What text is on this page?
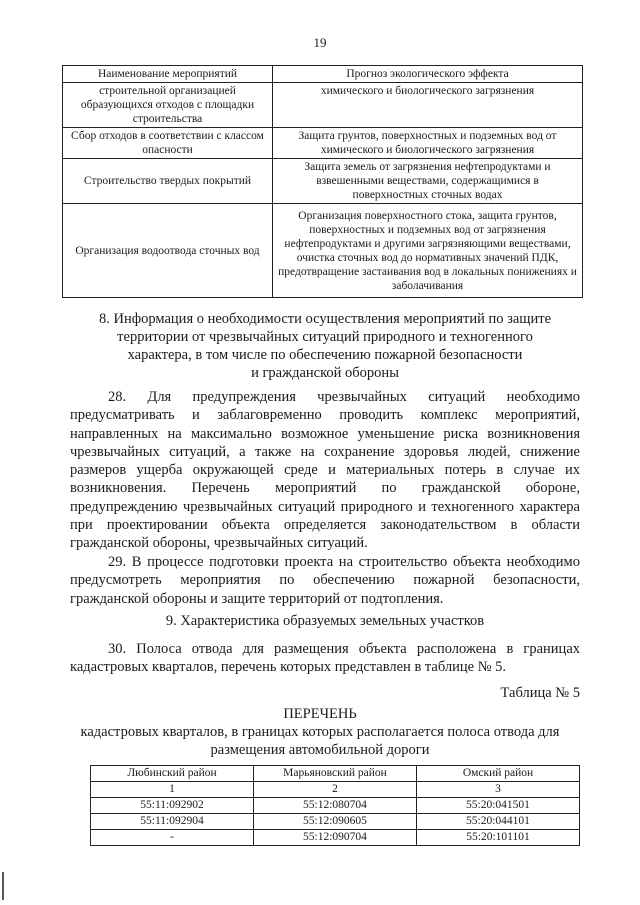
19
Наименование мероприятий	Прогноз экологического эффекта
строительной организацией образующихся отходов с площадки строительства	химического и биологического загрязнения
Сбор отходов в соответствии с классом опасности	Защита грунтов, поверхностных и подземных вод от химического и биологического загрязнения
Строительство твердых покрытий	Защита земель от загрязнения нефтепродуктами и взвешенными веществами, содержащимися в поверхностных сточных водах
Организация водоотвода сточных вод	Организация поверхностного стока, защита грунтов, поверхностных и подземных вод от загрязнения нефтепродуктами и другими загрязняющими веществами, очистка сточных вод до нормативных значений ПДК, предотвращение застаивания вод в локальных понижениях и заболачивания
8. Информация о необходимости осуществления мероприятий по защите
территории от чрезвычайных ситуаций природного и техногенного
характера, в том числе по обеспечению пожарной безопасности
и гражданской обороны

28. Для предупреждения чрезвычайных ситуаций необходимо предусматривать и заблаговременно проводить комплекс мероприятий, направленных на максимально возможное уменьшение риска возникновения чрезвычайных ситуаций, а также на сохранение здоровья людей, снижение размеров ущерба окружающей среде и материальных потерь в случае их возникновения. Перечень мероприятий по гражданской обороне, предупреждению чрезвычайных ситуаций природного и техногенного характера при проектировании объекта определяется законодательством в области гражданской обороны, чрезвычайных ситуаций.

29. В процессе подготовки проекта на строительство объекта необходимо предусмотреть мероприятия по обеспечению пожарной безопасности, гражданской обороны и защите территорий от подтопления.

9. Характеристика образуемых земельных участков

30. Полоса отвода для размещения объекта расположена в границах кадастровых кварталов, перечень которых представлен в таблице № 5.

Таблица № 5
ПЕРЕЧЕНЬ
кадастровых кварталов, в границах которых располагается полоса отвода для
размещения автомобильной дороги
Любинский район	Марьяновский район	Омский район
1	2	3
55:11:092902	55:12:080704	55:20:041501
55:11:092904	55:12:090605	55:20:044101
-	55:12:090704	55:20:101101
